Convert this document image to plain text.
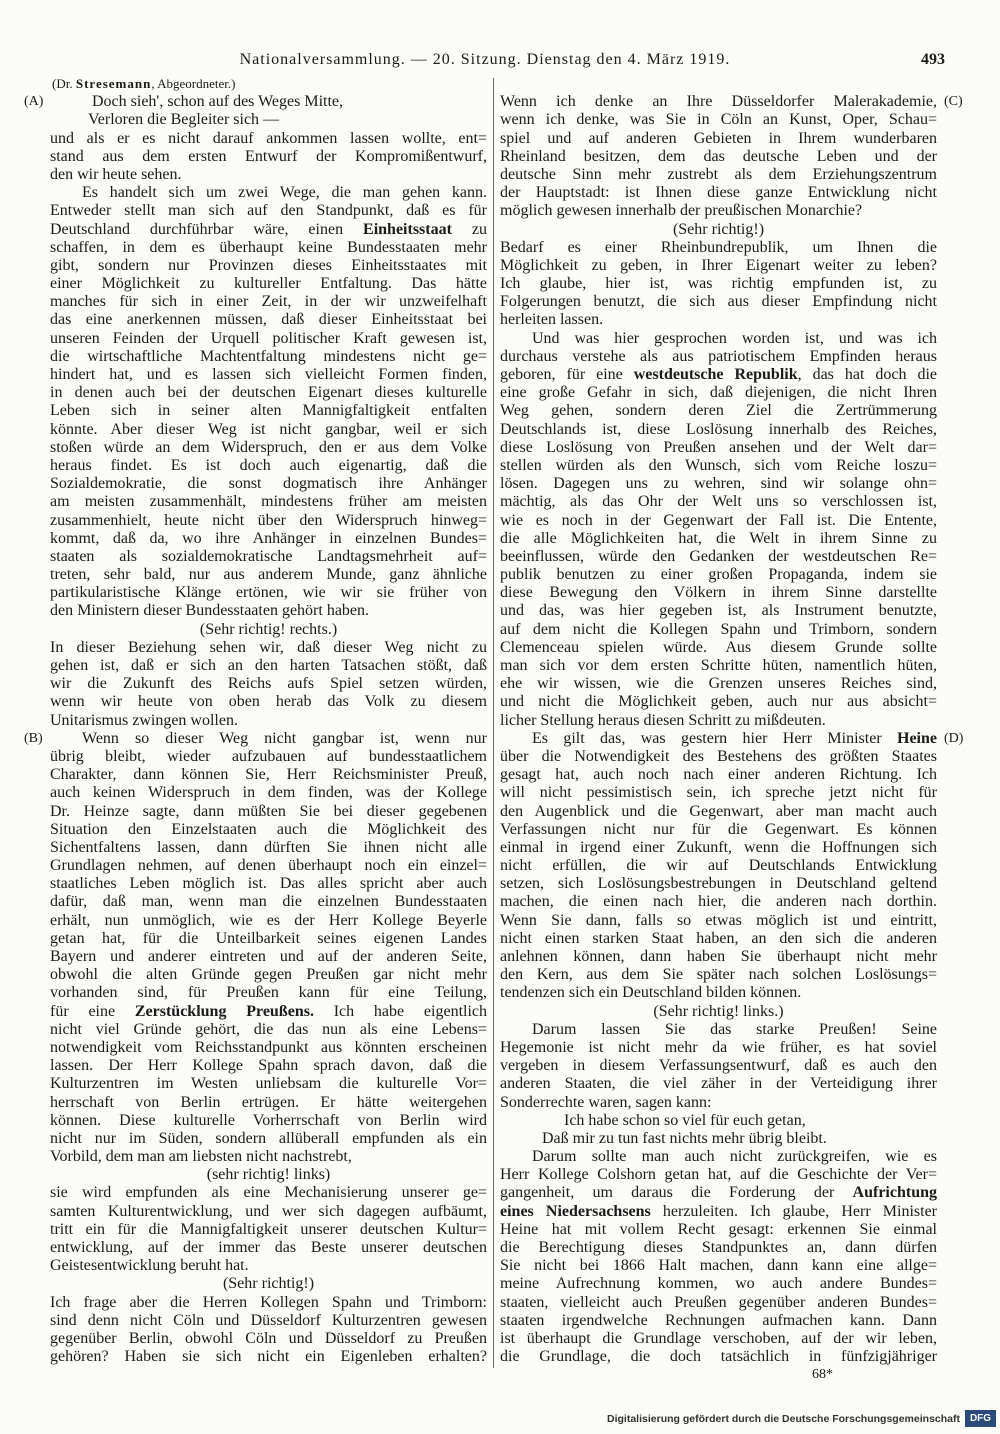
Nationalversammlung. — 20. Sitzung. Dienstag den 4. März 1919.	493
(A)
(B)
(C)
(D)
(Dr. Stresemann, Abgeordneter.)
Doch sieh', schon auf des Weges Mitte,
Verloren die Begleiter sich —
und als er es nicht darauf ankommen lassen wollte, ent=
stand aus dem ersten Entwurf der Kompromißentwurf,
den wir heute sehen.
Es handelt sich um zwei Wege, die man gehen kann.
Entweder stellt man sich auf den Standpunkt, daß es für
Deutschland durchführbar wäre, einen Einheitsstaat zu
schaffen, in dem es überhaupt keine Bundesstaaten mehr
gibt, sondern nur Provinzen dieses Einheitsstaates mit
einer Möglichkeit zu kultureller Entfaltung. Das hätte
manches für sich in einer Zeit, in der wir unzweifelhaft
das eine anerkennen müssen, daß dieser Einheitsstaat bei
unseren Feinden der Urquell politischer Kraft gewesen ist,
die wirtschaftliche Machtentfaltung mindestens nicht ge=
hindert hat, und es lassen sich vielleicht Formen finden,
in denen auch bei der deutschen Eigenart dieses kulturelle
Leben sich in seiner alten Mannigfaltigkeit entfalten
könnte. Aber dieser Weg ist nicht gangbar, weil er sich
stoßen würde an dem Widerspruch, den er aus dem Volke
heraus findet. Es ist doch auch eigenartig, daß die
Sozialdemokratie, die sonst dogmatisch ihre Anhänger
am meisten zusammenhält, mindestens früher am meisten
zusammenhielt, heute nicht über den Widerspruch hinweg=
kommt, daß da, wo ihre Anhänger in einzelnen Bundes=
staaten als sozialdemokratische Landtagsmehrheit auf=
treten, sehr bald, nur aus anderem Munde, ganz ähnliche
partikularistische Klänge ertönen, wie wir sie früher von
den Ministern dieser Bundesstaaten gehört haben.
(Sehr richtig! rechts.)
In dieser Beziehung sehen wir, daß dieser Weg nicht zu
gehen ist, daß er sich an den harten Tatsachen stößt, daß
wir die Zukunft des Reichs aufs Spiel setzen würden,
wenn wir heute von oben herab das Volk zu diesem
Unitarismus zwingen wollen.
Wenn so dieser Weg nicht gangbar ist, wenn nur
übrig bleibt, wieder aufzubauen auf bundesstaatlichem
Charakter, dann können Sie, Herr Reichsminister Preuß,
auch keinen Widerspruch in dem finden, was der Kollege
Dr. Heinze sagte, dann müßten Sie bei dieser gegebenen
Situation den Einzelstaaten auch die Möglichkeit des
Sichentfaltens lassen, dann dürften Sie ihnen nicht alle
Grundlagen nehmen, auf denen überhaupt noch ein einzel=
staatliches Leben möglich ist. Das alles spricht aber auch
dafür, daß man, wenn man die einzelnen Bundesstaaten
erhält, nun unmöglich, wie es der Herr Kollege Beyerle
getan hat, für die Unteilbarkeit seines eigenen Landes
Bayern und anderer eintreten und auf der anderen Seite,
obwohl die alten Gründe gegen Preußen gar nicht mehr
vorhanden sind, für Preußen kann für eine Teilung,
für eine Zerstücklung Preußens. Ich habe eigentlich
nicht viel Gründe gehört, die das nun als eine Lebens=
notwendigkeit vom Reichsstandpunkt aus könnten erscheinen
lassen. Der Herr Kollege Spahn sprach davon, daß die
Kulturzentren im Westen unliebsam die kulturelle Vor=
herrschaft von Berlin ertrügen. Er hätte weitergehen
können. Diese kulturelle Vorherrschaft von Berlin wird
nicht nur im Süden, sondern allüberall empfunden als ein
Vorbild, dem man am liebsten nicht nachstrebt,
(sehr richtig! links)
sie wird empfunden als eine Mechanisierung unserer ge=
samten Kulturentwicklung, und wer sich dagegen aufbäumt,
tritt ein für die Mannigfaltigkeit unserer deutschen Kultur=
entwicklung, auf der immer das Beste unserer deutschen
Geistesentwicklung beruht hat.
(Sehr richtig!)
Ich frage aber die Herren Kollegen Spahn und Trimborn:
sind denn nicht Cöln und Düsseldorf Kulturzentren gewesen
gegenüber Berlin, obwohl Cöln und Düsseldorf zu Preußen
gehören? Haben sie sich nicht ein Eigenleben erhalten?
Wenn ich denke an Ihre Düsseldorfer Malerakademie,
wenn ich denke, was Sie in Cöln an Kunst, Oper, Schau=
spiel und auf anderen Gebieten in Ihrem wunderbaren
Rheinland besitzen, dem das deutsche Leben und der
deutsche Sinn mehr zustrebt als dem Erziehungszentrum
der Hauptstadt: ist Ihnen diese ganze Entwicklung nicht
möglich gewesen innerhalb der preußischen Monarchie?
(Sehr richtig!)
Bedarf es einer Rheinbundrepublik, um Ihnen die
Möglichkeit zu geben, in Ihrer Eigenart weiter zu leben?
Ich glaube, hier ist, was richtig empfunden ist, zu
Folgerungen benutzt, die sich aus dieser Empfindung nicht
herleiten lassen.
Und was hier gesprochen worden ist, und was ich
durchaus verstehe als aus patriotischem Empfinden heraus
geboren, für eine westdeutsche Republik, das hat doch die
eine große Gefahr in sich, daß diejenigen, die nicht Ihren
Weg gehen, sondern deren Ziel die Zertrümmerung
Deutschlands ist, diese Loslösung innerhalb des Reiches,
diese Loslösung von Preußen ansehen und der Welt dar=
stellen würden als den Wunsch, sich vom Reiche loszu=
lösen. Dagegen uns zu wehren, sind wir solange ohn=
mächtig, als das Ohr der Welt uns so verschlossen ist,
wie es noch in der Gegenwart der Fall ist. Die Entente,
die alle Möglichkeiten hat, die Welt in ihrem Sinne zu
beeinflussen, würde den Gedanken der westdeutschen Re=
publik benutzen zu einer großen Propaganda, indem sie
diese Bewegung den Völkern in ihrem Sinne darstellte
und das, was hier gegeben ist, als Instrument benutzte,
auf dem nicht die Kollegen Spahn und Trimborn, sondern
Clemenceau spielen würde. Aus diesem Grunde sollte
man sich vor dem ersten Schritte hüten, namentlich hüten,
ehe wir wissen, wie die Grenzen unseres Reiches sind,
und nicht die Möglichkeit geben, auch nur aus absicht=
licher Stellung heraus diesen Schritt zu mißdeuten.
Es gilt das, was gestern hier Herr Minister Heine
über die Notwendigkeit des Bestehens des größten Staates
gesagt hat, auch noch nach einer anderen Richtung. Ich
will nicht pessimistisch sein, ich spreche jetzt nicht für
den Augenblick und die Gegenwart, aber man macht auch
Verfassungen nicht nur für die Gegenwart. Es können
einmal in irgend einer Zukunft, wenn die Hoffnungen sich
nicht erfüllen, die wir auf Deutschlands Entwicklung
setzen, sich Loslösungsbestrebungen in Deutschland geltend
machen, die einen nach hier, die anderen nach dorthin.
Wenn Sie dann, falls so etwas möglich ist und eintritt,
nicht einen starken Staat haben, an den sich die anderen
anlehnen können, dann haben Sie überhaupt nicht mehr
den Kern, aus dem Sie später nach solchen Loslösungs=
tendenzen sich ein Deutschland bilden können.
(Sehr richtig! links.)
Darum lassen Sie das starke Preußen! Seine
Hegemonie ist nicht mehr da wie früher, es hat soviel
vergeben in diesem Verfassungsentwurf, daß es auch den
anderen Staaten, die viel zäher in der Verteidigung ihrer
Sonderrechte waren, sagen kann:
Ich habe schon so viel für euch getan,
Daß mir zu tun fast nichts mehr übrig bleibt.
Darum sollte man auch nicht zurückgreifen, wie es
Herr Kollege Colshorn getan hat, auf die Geschichte der Ver=
gangenheit, um daraus die Forderung der Aufrichtung
eines Niedersachsens herzuleiten. Ich glaube, Herr Minister
Heine hat mit vollem Recht gesagt: erkennen Sie einmal
die Berechtigung dieses Standpunktes an, dann dürfen
Sie nicht bei 1866 Halt machen, dann kann eine allge=
meine Aufrechnung kommen, wo auch andere Bundes=
staaten, vielleicht auch Preußen gegenüber anderen Bundes=
staaten irgendwelche Rechnungen aufmachen kann. Dann
ist überhaupt die Grundlage verschoben, auf der wir leben,
die Grundlage, die doch tatsächlich in fünfzigjähriger
68*
Digitalisierung gefördert durch die Deutsche Forschungsgemeinschaft DFG
